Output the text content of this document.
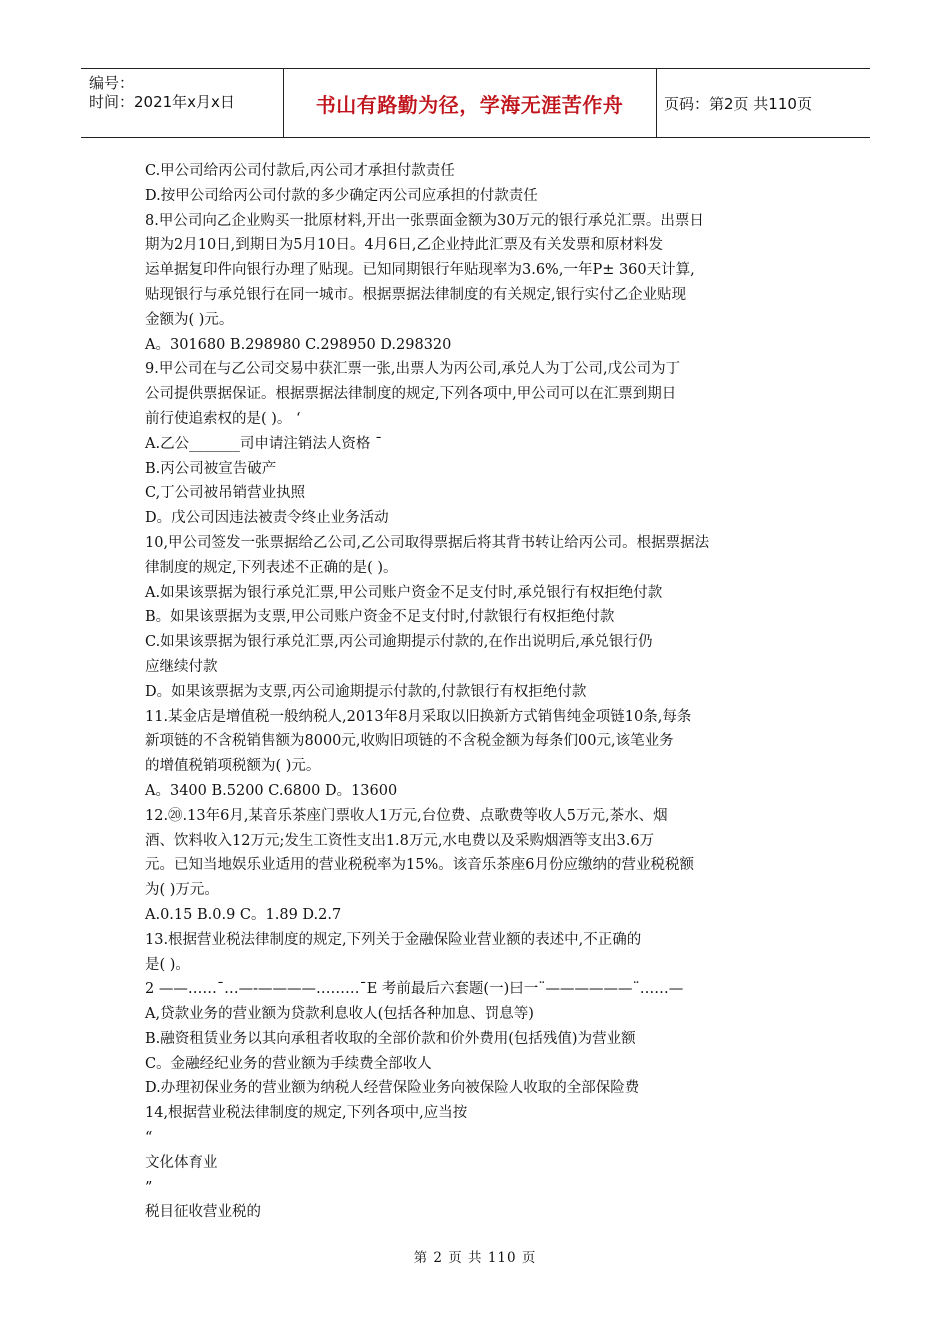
编号：
时间：2021年x月x日	书山有路勤为径，学海无涯苦作舟	页码：第2页 共110页
C.甲公司给丙公司付款后,丙公司才承担付款责任
D.按甲公司给丙公司付款的多少确定丙公司应承担的付款责任
8.甲公司向乙企业购买一批原材料,开出一张票面金额为30万元的银行承兑汇票。出票日
期为2月10日,到期日为5月10日。4月6日,乙企业持此汇票及有关发票和原材料发
运单据复印件向银行办理了贴现。已知同期银行年贴现率为3.6%,一年P± 360天计算,
贴现银行与承兑银行在同一城市。根据票据法律制度的有关规定,银行实付乙企业贴现
金额为( )元。
A。301680 B.298980 C.298950 D.298320
9.甲公司在与乙公司交易中获汇票一张,出票人为丙公司,承兑人为丁公司,戊公司为丁
公司提供票据保证。根据票据法律制度的规定,下列各项中,甲公司可以在汇票到期日
前行使追索权的是( )。 ‘
A.乙公_______司申请注销法人资格 ¯
B.丙公司被宣告破产
C,丁公司被吊销营业执照
D。戊公司因违法被责令终止业务活动
10,甲公司签发一张票据给乙公司,乙公司取得票据后将其背书转让给丙公司。根据票据法
律制度的规定,下列表述不正确的是( )。
A.如果该票据为银行承兑汇票,甲公司账户资金不足支付时,承兑银行有权拒绝付款
B。如果该票据为支票,甲公司账户资金不足支付时,付款银行有权拒绝付款
C.如果该票据为银行承兑汇票,丙公司逾期提示付款的,在作出说明后,承兑银行仍
应继续付款
D。如果该票据为支票,丙公司逾期提示付款的,付款银行有权拒绝付款
11.某金店是增值税一般纳税人,2013年8月采取以旧换新方式销售纯金项链10条,每条
新项链的不含税销售额为8000元,收购旧项链的不含税金额为每条们00元,该笔业务
的增值税销项税额为( )元。
A。3400 B.5200 C.6800 D。13600
12.⑳.13年6月,某音乐茶座门票收人1万元,台位费、点歌费等收人5万元,茶水、烟
酒、饮料收入12万元;发生工资性支出1.8万元,水电费以及采购烟酒等支出3.6万
元。已知当地娱乐业适用的营业税税率为15%。该音乐茶座6月份应缴纳的营业税税额
为( )万元。
A.0.15 B.0.9 C。1.89 D.2.7
13.根据营业税法律制度的规定,下列关于金融保险业营业额的表述中,不正确的
是( )。
2 ——……¯…—-————………¯E 考前最后六套题(一)曰一¨——————¨……—
A,贷款业务的营业额为贷款利息收人(包括各种加息、罚息等)
B.融资租赁业务以其向承租者收取的全部价款和价外费用(包括残值)为营业额
C。金融经纪业务的营业额为手续费全部收人
D.办理初保业务的营业额为纳税人经营保险业务向被保险人收取的全部保险费
14,根据营业税法律制度的规定,下列各项中,应当按
“
文化体育业
”
税目征收营业税的
第 2 页 共 110 页
